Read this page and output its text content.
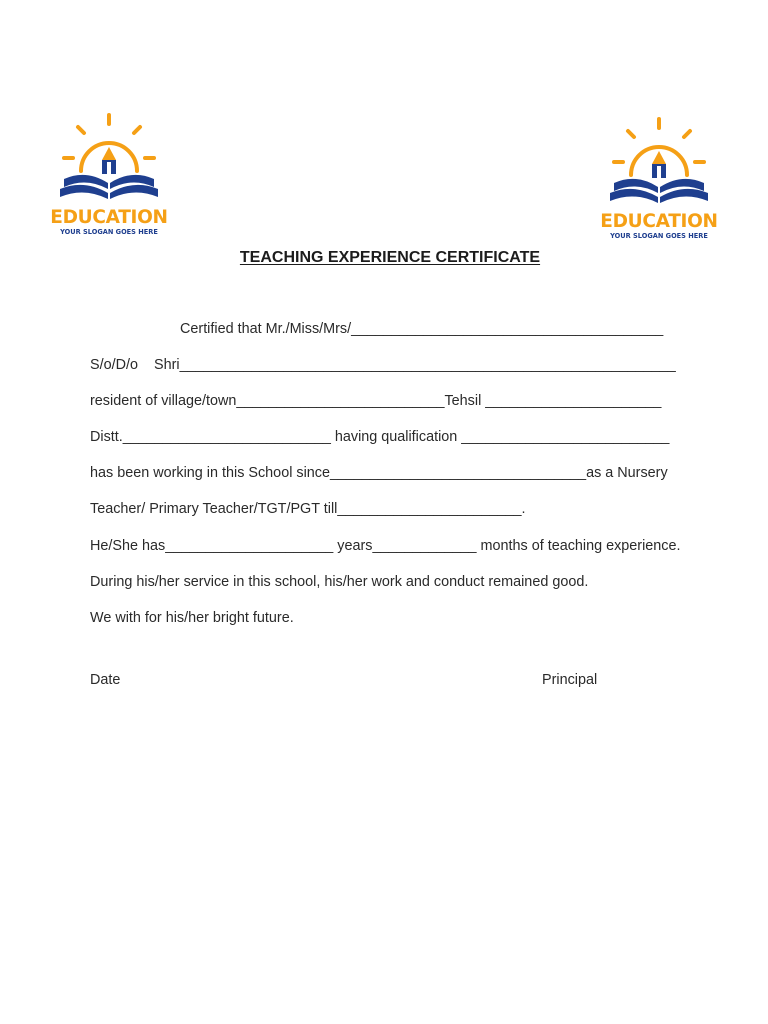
EDUCATION
YOUR SLOGAN GOES HERE	EDUCATION
YOUR SLOGAN GOES HERE
TEACHING EXPERIENCE CERTIFICATE
Certified that Mr./Miss/Mrs/_______________________________________
S/o/D/o    Shri______________________________________________________________
resident of village/town__________________________Tehsil ______________________
Distt.__________________________ having qualification __________________________
has been working in this School since________________________________as a Nursery
Teacher/ Primary Teacher/TGT/PGT till_______________________.
He/She has_____________________ years_____________ months of teaching experience.
During his/her service in this school, his/her work and conduct remained good.
We with for his/her bright future.
Date	Principal
